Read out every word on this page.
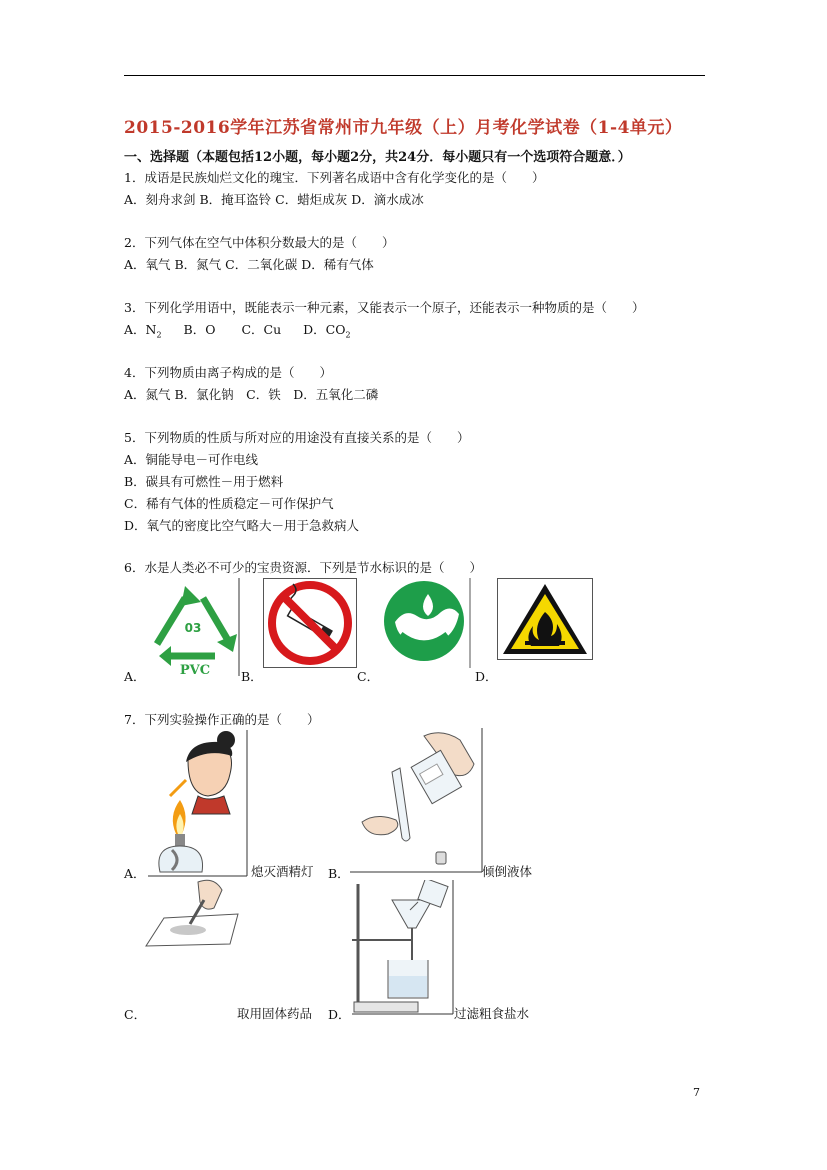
2015-2016学年江苏省常州市九年级（上）月考化学试卷（1-4单元）
一、选择题（本题包括12小题，每小题2分，共24分．每小题只有一个选项符合题意．）
1．成语是民族灿烂文化的瑰宝．下列著名成语中含有化学变化的是（　　）
A．刻舟求剑 B．掩耳盗铃 C．蜡炬成灰 D．滴水成冰
2．下列气体在空气中体积分数最大的是（　　）
A．氧气 B．氮气 C．二氧化碳 D．稀有气体
3．下列化学用语中，既能表示一种元素，又能表示一个原子，还能表示一种物质的是（　　）
A．$N_2$ B．O C．Cu D．$CO_2$
4．下列物质由离子构成的是（　　）
A．氮气 B．氯化钠　C．铁　D．五氧化二磷
5．下列物质的性质与所对应的用途没有直接关系的是（　　）
A．铜能导电－可作电线
B．碳具有可燃性－用于燃料
C．稀有气体的性质稳定－可作保护气
D．氧气的密度比空气略大－用于急救病人
6．水是人类必不可少的宝贵资源．下列是节水标识的是（　　）
03
PVC
A．	B．	C．	D．
7．下列实验操作正确的是（　　）
A．	熄灭酒精灯 B．	倾倒液体
C．	取用固体药品 D．	过滤粗食盐水
7
